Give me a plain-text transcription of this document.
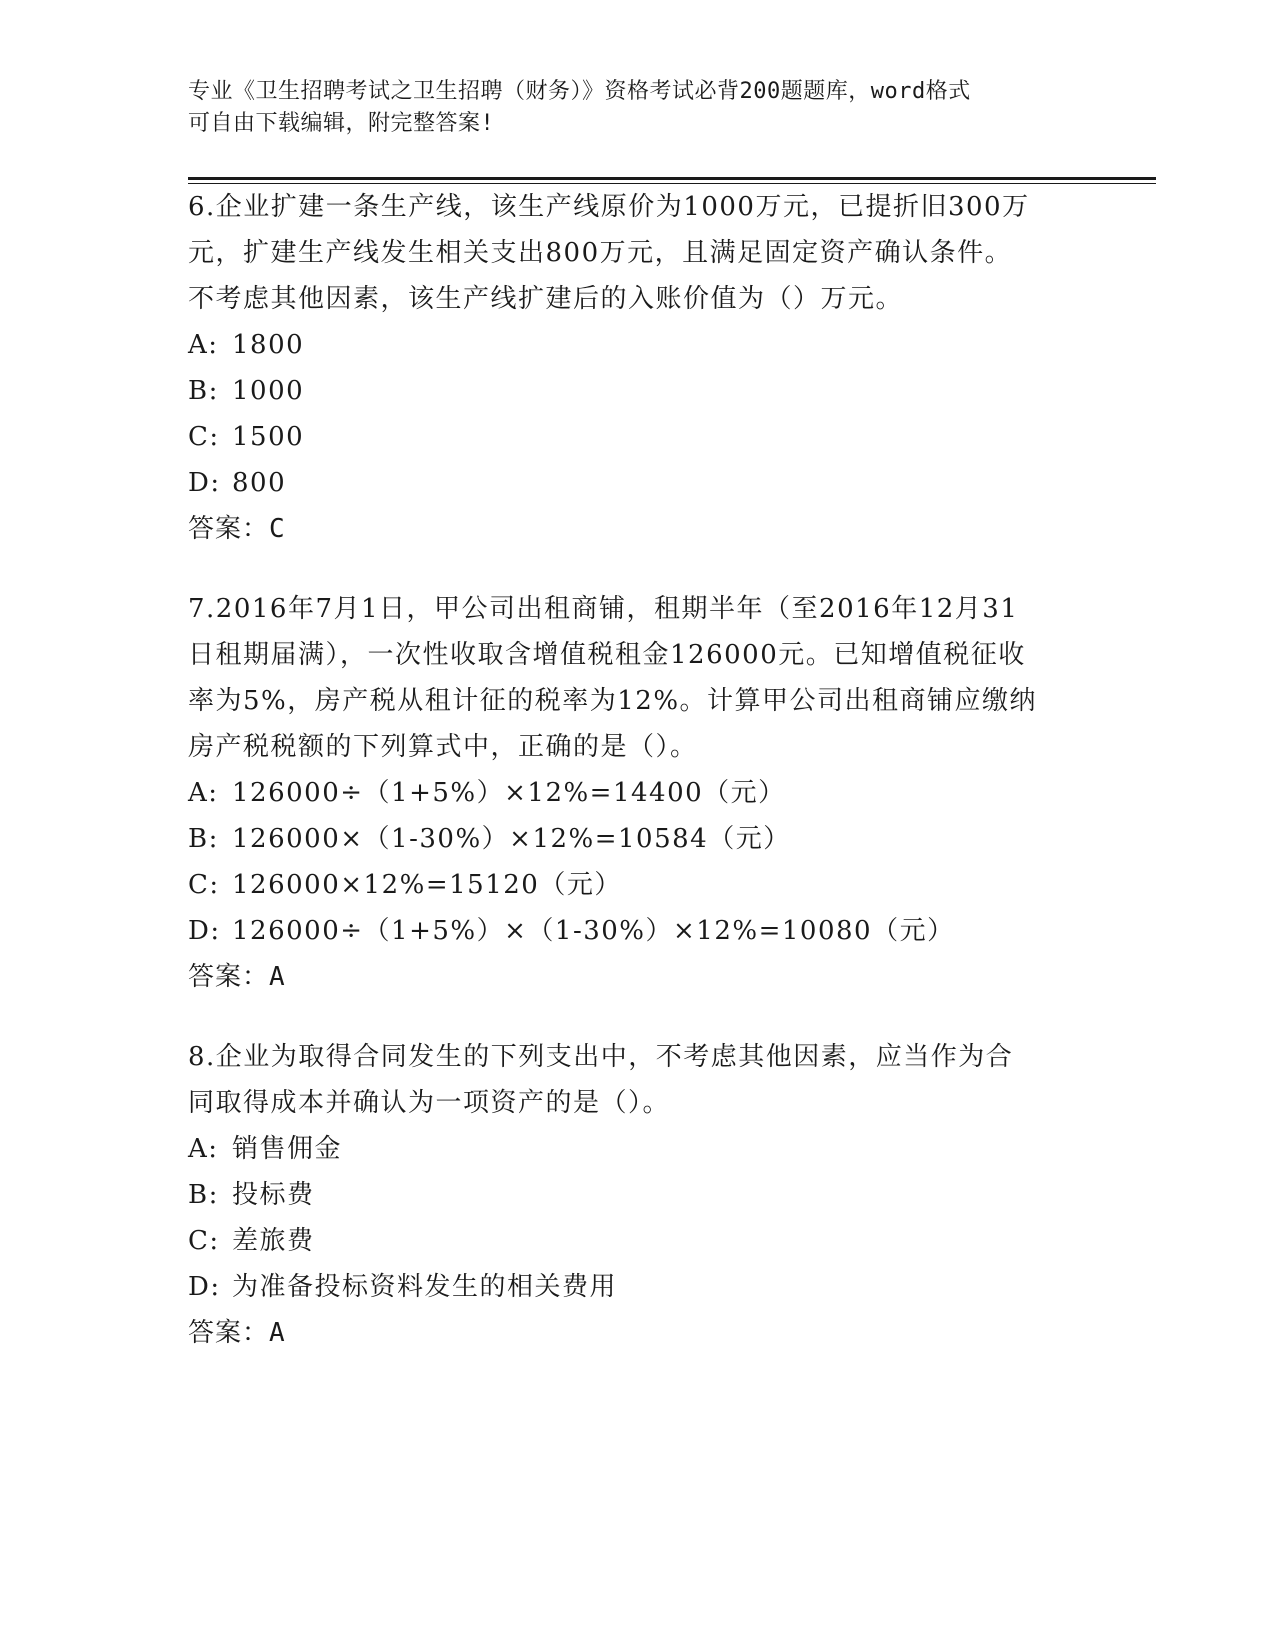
专业《卫生招聘考试之卫生招聘（财务）》资格考试必背200题题库，word格式
可自由下载编辑，附完整答案!
6.企业扩建一条生产线，该生产线原价为1000万元，已提折旧300万
元，扩建生产线发生相关支出800万元，且满足固定资产确认条件。
不考虑其他因素，该生产线扩建后的入账价值为（）万元。
A: 1800
B: 1000
C: 1500
D: 800
答案：C
7.2016年7月1日，甲公司出租商铺，租期半年（至2016年12月31
日租期届满），一次性收取含增值税租金126000元。已知增值税征收
率为5%，房产税从租计征的税率为12%。计算甲公司出租商铺应缴纳
房产税税额的下列算式中，正确的是（）。
A: 126000÷（1+5%）×12%=14400（元）
B: 126000×（1-30%）×12%=10584（元）
C: 126000×12%=15120（元）
D: 126000÷（1+5%）×（1-30%）×12%=10080（元）
答案：A
8.企业为取得合同发生的下列支出中，不考虑其他因素，应当作为合
同取得成本并确认为一项资产的是（）。
A: 销售佣金
B: 投标费
C: 差旅费
D: 为准备投标资料发生的相关费用
答案：A
